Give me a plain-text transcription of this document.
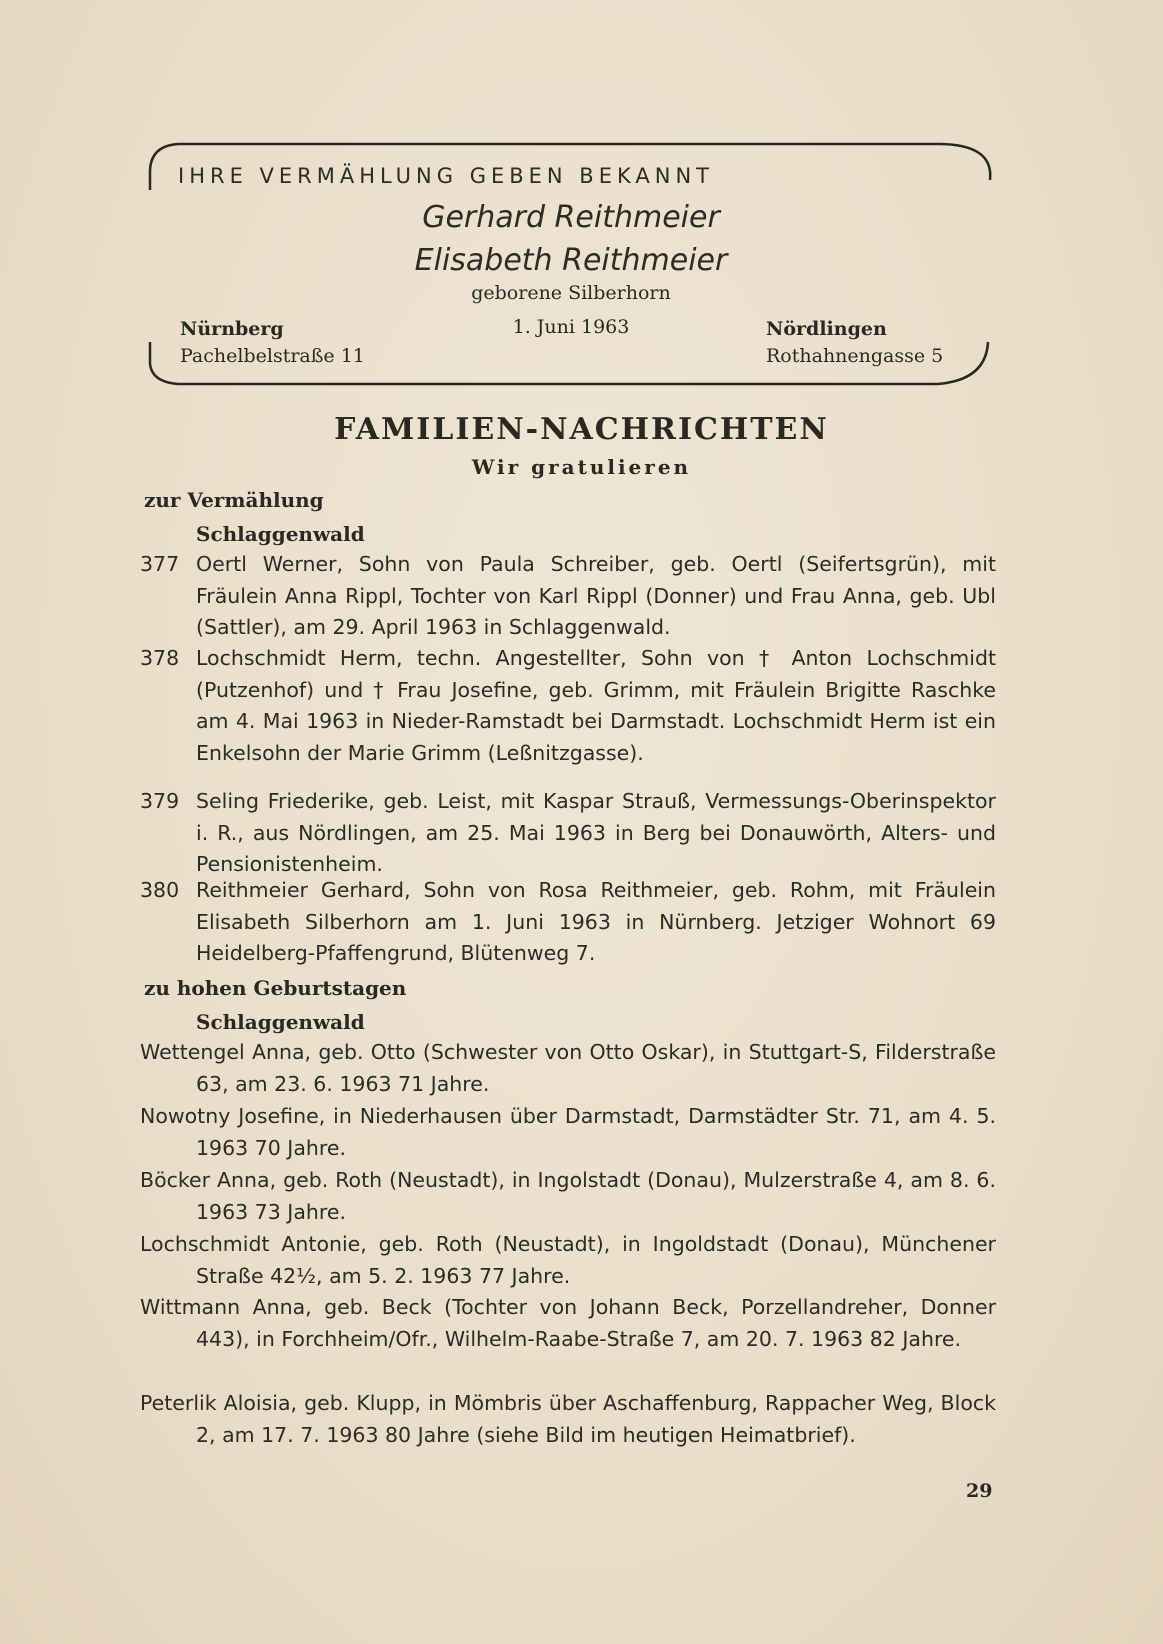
IHRE VERMÄHLUNG GEBEN BEKANNT
Gerhard Reithmeier
Elisabeth Reithmeier
geborene Silberhorn
1. Juni 1963
Nürnberg
Pachelbelstraße 11
Nördlingen
Rothahnengasse 5
FAMILIEN-NACHRICHTEN
Wir gratulieren
zur Vermählung
Schlaggenwald
377 Oertl Werner, Sohn von Paula Schreiber, geb. Oertl (Seifertsgrün), mit Fräulein Anna Rippl, Tochter von Karl Rippl (Donner) und Frau Anna, geb. Ubl (Sattler), am 29. April 1963 in Schlaggenwald.
378 Lochschmidt Herm, techn. Angestellter, Sohn von † Anton Lochschmidt (Putzenhof) und † Frau Josefine, geb. Grimm, mit Fräulein Brigitte Raschke am 4. Mai 1963 in Nieder-Ramstadt bei Darmstadt. Lochschmidt Herm ist ein Enkelsohn der Marie Grimm (Leßnitzgasse).
379 Seling Friederike, geb. Leist, mit Kaspar Strauß, Vermessungs-Oberinspektor i. R., aus Nördlingen, am 25. Mai 1963 in Berg bei Donauwörth, Alters- und Pensionistenheim.
380 Reithmeier Gerhard, Sohn von Rosa Reithmeier, geb. Rohm, mit Fräulein Elisabeth Silberhorn am 1. Juni 1963 in Nürnberg. Jetziger Wohnort 69 Heidelberg-Pfaffengrund, Blütenweg 7.
zu hohen Geburtstagen
Schlaggenwald
Wettengel Anna, geb. Otto (Schwester von Otto Oskar), in Stuttgart-S, Filderstraße 63, am 23. 6. 1963 71 Jahre.
Nowotny Josefine, in Niederhausen über Darmstadt, Darmstädter Str. 71, am 4. 5. 1963 70 Jahre.
Böcker Anna, geb. Roth (Neustadt), in Ingolstadt (Donau), Mulzerstraße 4, am 8. 6. 1963 73 Jahre.
Lochschmidt Antonie, geb. Roth (Neustadt), in Ingoldstadt (Donau), Münchener Straße 42½, am 5. 2. 1963 77 Jahre.
Wittmann Anna, geb. Beck (Tochter von Johann Beck, Porzellandreher, Donner 443), in Forchheim/Ofr., Wilhelm-Raabe-Straße 7, am 20. 7. 1963 82 Jahre.
Peterlik Aloisia, geb. Klupp, in Mömbris über Aschaffenburg, Rappacher Weg, Block 2, am 17. 7. 1963 80 Jahre (siehe Bild im heutigen Heimatbrief).
29
